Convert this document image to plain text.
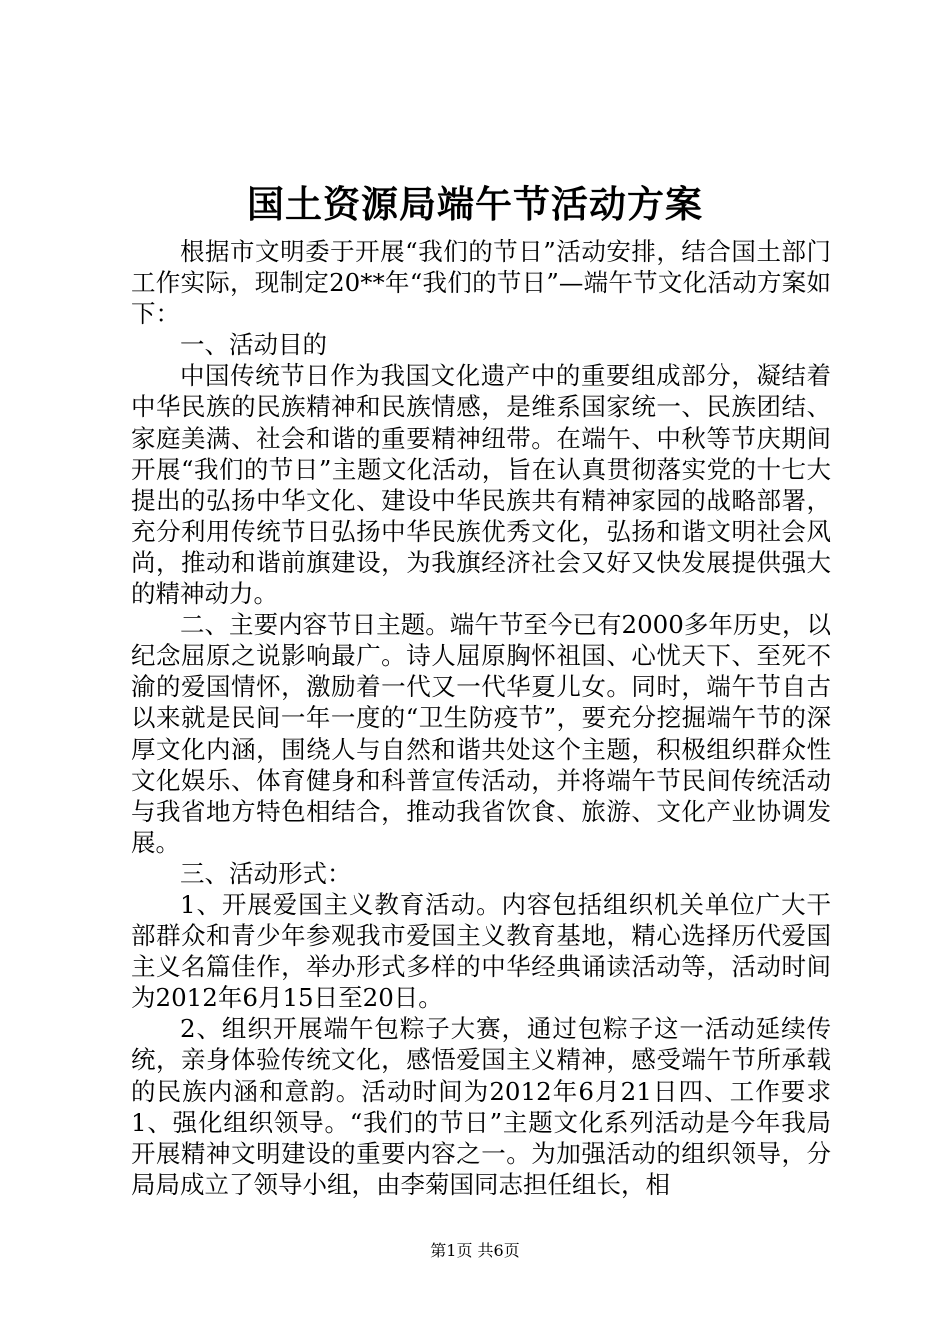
国土资源局端午节活动方案

根据市文明委于开展“我们的节日”活动安排，结合国土部门工作实际，现制定20**年“我们的节日”—端午节文化活动方案如下：

一、活动目的

中国传统节日作为我国文化遗产中的重要组成部分，凝结着中华民族的民族精神和民族情感，是维系国家统一、民族团结、家庭美满、社会和谐的重要精神纽带。在端午、中秋等节庆期间开展“我们的节日”主题文化活动，旨在认真贯彻落实党的十七大提出的弘扬中华文化、建设中华民族共有精神家园的战略部署，充分利用传统节日弘扬中华民族优秀文化，弘扬和谐文明社会风尚，推动和谐前旗建设，为我旗经济社会又好又快发展提供强大的精神动力。

二、主要内容节日主题。端午节至今已有2000多年历史，以纪念屈原之说影响最广。诗人屈原胸怀祖国、心忧天下、至死不渝的爱国情怀，激励着一代又一代华夏儿女。同时，端午节自古以来就是民间一年一度的“卫生防疫节”，要充分挖掘端午节的深厚文化内涵，围绕人与自然和谐共处这个主题，积极组织群众性文化娱乐、体育健身和科普宣传活动，并将端午节民间传统活动与我省地方特色相结合，推动我省饮食、旅游、文化产业协调发展。

三、活动形式：

1、开展爱国主义教育活动。内容包括组织机关单位广大干部群众和青少年参观我市爱国主义教育基地，精心选择历代爱国主义名篇佳作，举办形式多样的中华经典诵读活动等，活动时间为2012年6月15日至20日。

2、组织开展端午包粽子大赛，通过包粽子这一活动延续传统，亲身体验传统文化，感悟爱国主义精神，感受端午节所承载的民族内涵和意韵。活动时间为2012年6月21日四、工作要求1、强化组织领导。“我们的节日”主题文化系列活动是今年我局开展精神文明建设的重要内容之一。为加强活动的组织领导，分局局成立了领导小组，由李菊国同志担任组长，相

第1页 共6页
